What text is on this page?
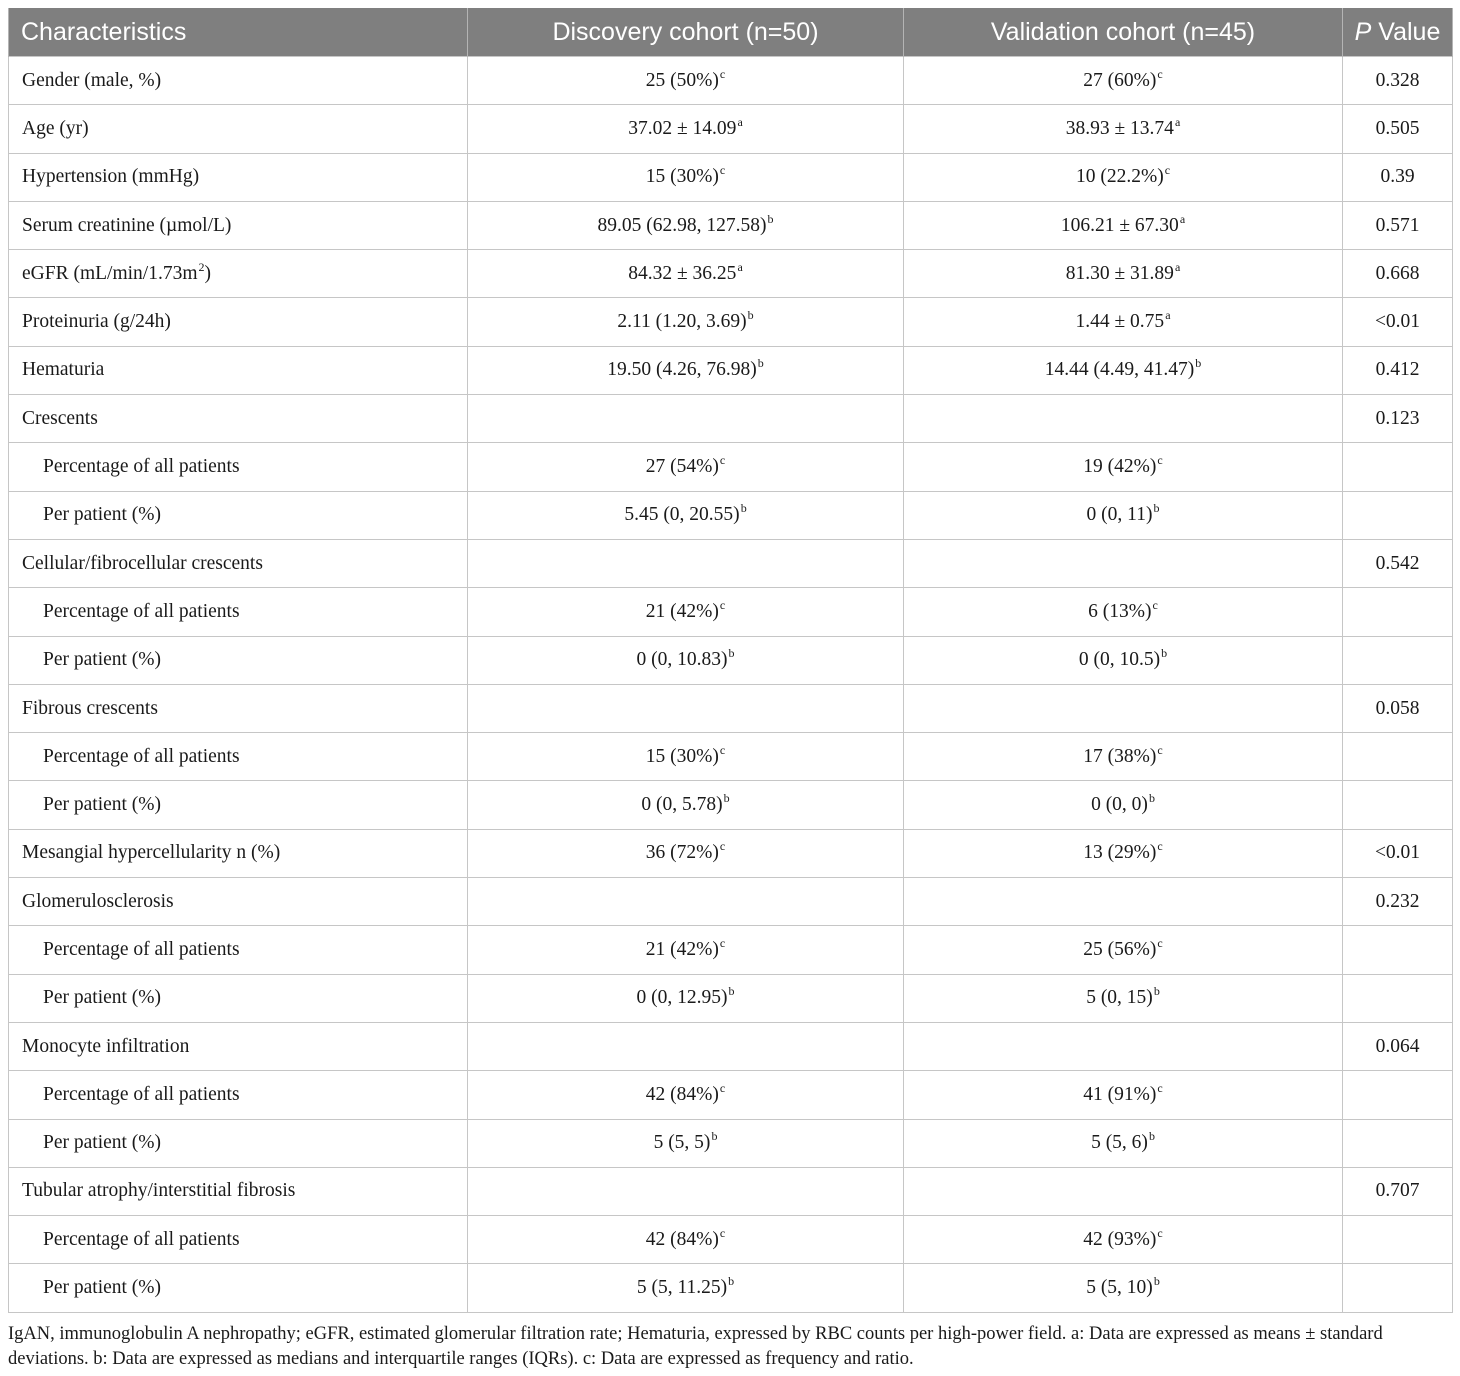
Characteristics	Discovery cohort (n=50)	Validation cohort (n=45)	P Value
Gender (male, %)	25 $(50\%)^c$	27 $(60\%)^c$	0.328
Age (yr)	37.02 ± 14.09$^a$	38.93 ± 13.74$^a$	0.505
Hypertension (mmHg)	15 $(30\%)^c$	10 $(22.2\%)^c$	0.39
Serum creatinine (µmol/L)	89.05 (62.98, 127.58)$^b$	106.21 ± 67.30$^a$	0.571
eGFR $(mL/\min/1.73m^2)$	84.32 ± 36.25$^a$	81.30 ± 31.89$^a$	0.668
Proteinuria (g/24h)	2.11 (1.20, 3.69)$^b$	1.44 ± 0.75$^a$	<0.01
Hematuria	19.50 (4.26, 76.98)$^b$	14.44 (4.49, 41.47)$^b$	0.412
Crescents			0.123
Percentage of all patients	27 $(54\%)^c$	19 $(42\%)^c$	
Per patient (%)	5.45 (0, 20.55)$^b$	0 (0, 11)$^b$	
Cellular/fibrocellular crescents			0.542
Percentage of all patients	21 $(42\%)^c$	6 $(13\%)^c$	
Per patient (%)	0 (0, 10.83)$^b$	0 (0, 10.5)$^b$	
Fibrous crescents			0.058
Percentage of all patients	15 $(30\%)^c$	17 $(38\%)^c$	
Per patient (%)	0 (0, 5.78)$^b$	0 (0, 0)$^b$	
Mesangial hypercellularity n (%)	36 $(72\%)^c$	13 $(29\%)^c$	<0.01
Glomerulosclerosis			0.232
Percentage of all patients	21 $(42\%)^c$	25 $(56\%)^c$	
Per patient (%)	0 (0, 12.95)$^b$	5 (0, 15)$^b$	
Monocyte infiltration			0.064
Percentage of all patients	42 $(84\%)^c$	41 $(91\%)^c$	
Per patient (%)	5 (5, 5)$^b$	5 (5, 6)$^b$	
Tubular atrophy/interstitial fibrosis			0.707
Percentage of all patients	42 $(84\%)^c$	42 $(93\%)^c$	
Per patient (%)	5 (5, 11.25)$^b$	5 (5, 10)$^b$	
IgAN, immunoglobulin A nephropathy; eGFR, estimated glomerular filtration rate; Hematuria, expressed by RBC counts per high-power field. a: Data are expressed as means ± standard deviations. b: Data are expressed as medians and interquartile ranges (IQRs). c: Data are expressed as frequency and ratio.
